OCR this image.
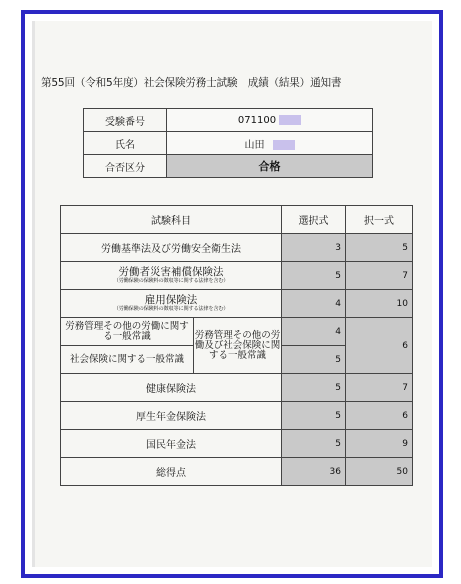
第55回（令和5年度）社会保険労務士試験　成績（結果）通知書
受験番号	071100
氏名	山田
合否区分	合格
試験科目		選択式	択一式
労働基準法及び労働安全衛生法		3	5
労働者災害補償保険法
（労働保険の保険料の徴収等に関する法律を含む）		5	7
雇用保険法
（労働保険の保険料の徴収等に関する法律を含む）		4	10
労務管理その他の労働に関する一般常識	労務管理その他の労働及び社会保険に関する一般常識	4	6
社会保険に関する一般常識		5	
健康保険法		5	7
厚生年金保険法		5	6
国民年金法		5	9
総得点		36	50
